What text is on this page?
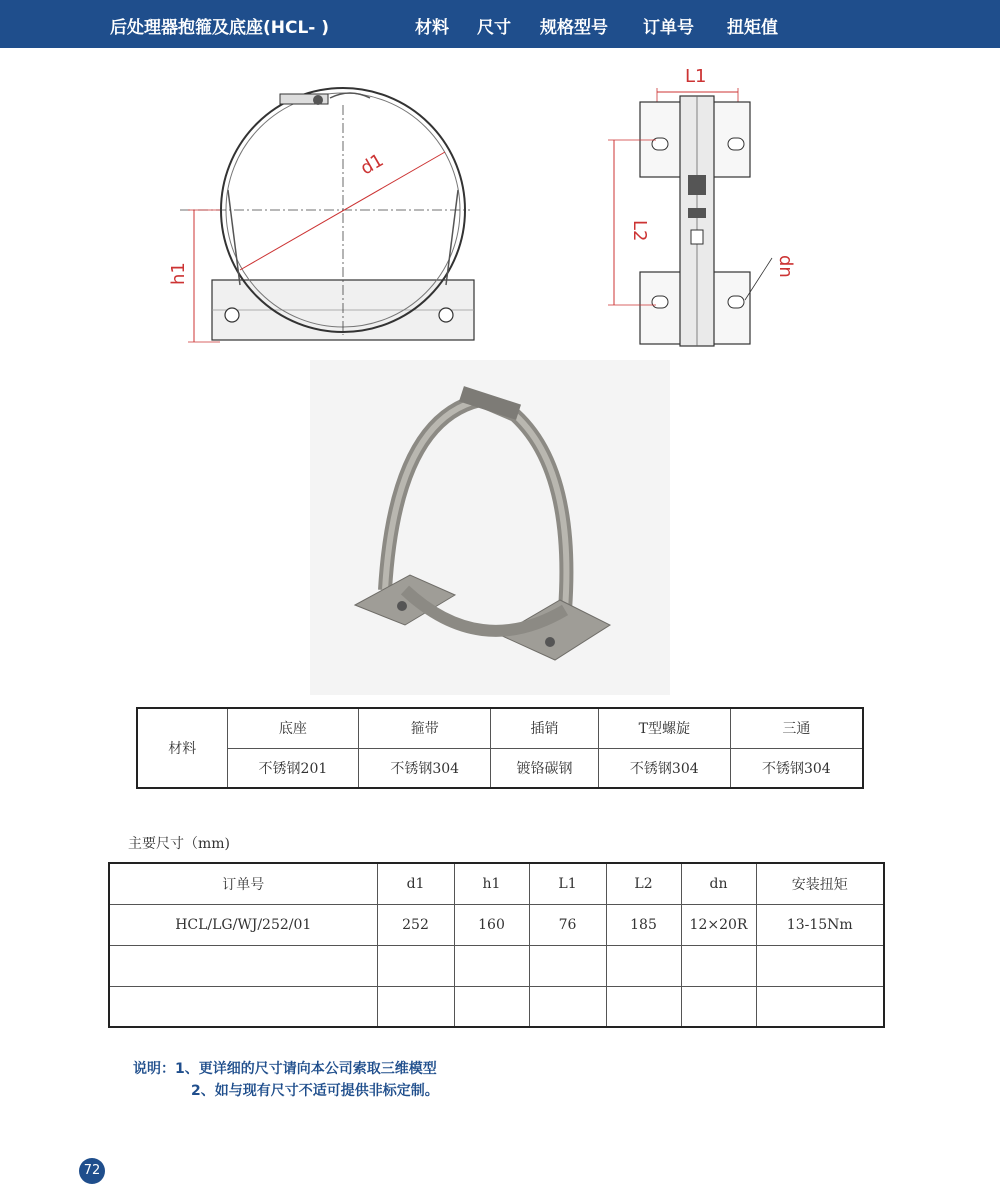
后处理器抱箍及底座(HCL- )	材料 尺寸 规格型号 订单号 扭矩值
d1
h1
L1
L2
dn
材料	底座	箍带	插销	T型螺旋	三通
	不锈钢201	不锈钢304	镀铬碳钢	不锈钢304	不锈钢304
主要尺寸（mm)
订单号	d1	h1	L1	L2	dn	安装扭矩
HCL/LG/WJ/252/01	252	160	76	185	12×20R	13-15Nm

说明：1、更详细的尺寸请向本公司索取三维模型
2、如与现有尺寸不适可提供非标定制。
72
